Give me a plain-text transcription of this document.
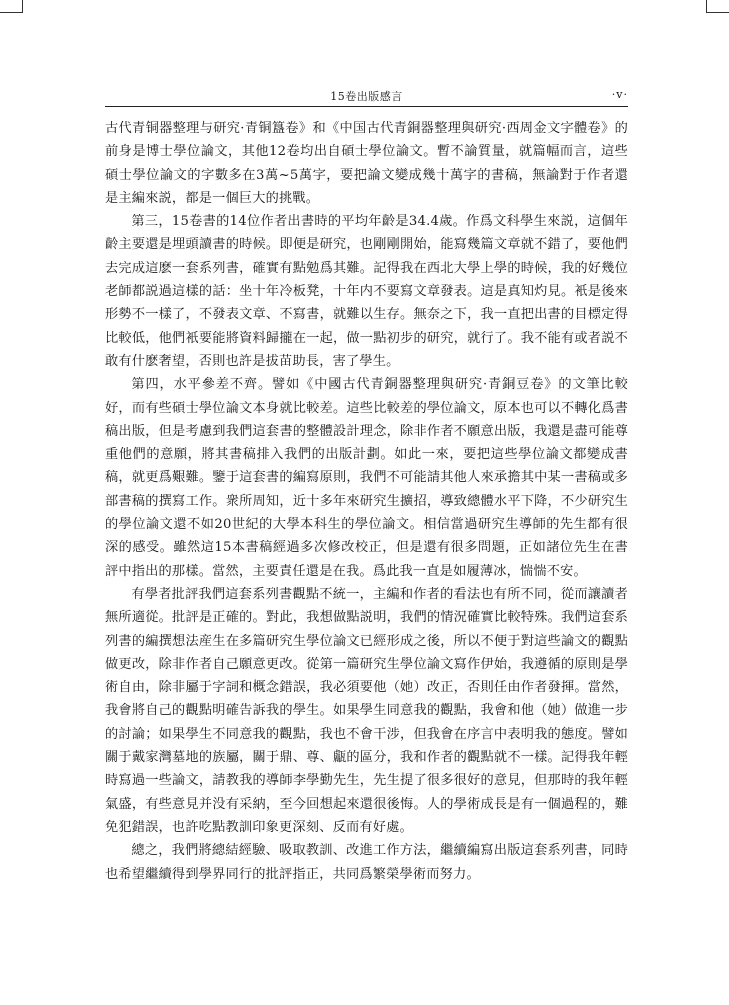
15卷出版感言	·v·

古代青铜器整理与研究·青铜簋卷》和《中国古代青銅器整理與研究·西周金文字體卷》的前身是博士學位論文，其他12卷均出自碩士學位論文。暫不論質量，就篇幅而言，這些碩士學位論文的字數多在3萬~5萬字，要把論文變成幾十萬字的書稿，無論對于作者還是主編來説，都是一個巨大的挑戰。

第三，15卷書的14位作者出書時的平均年齡是34.4歲。作爲文科學生來説，這個年齡主要還是埋頭讀書的時候。即便是研究，也剛剛開始，能寫幾篇文章就不錯了，要他們去完成這麽一套系列書，確實有點勉爲其難。記得我在西北大學上學的時候，我的好幾位老師都説過這樣的話：坐十年冷板凳，十年内不要寫文章發表。這是真知灼見。衹是後來形勢不一樣了，不發表文章、不寫書，就難以生存。無奈之下，我一直把出書的目標定得比較低，他們衹要能將資料歸攏在一起，做一點初步的研究，就行了。我不能有或者説不敢有什麽奢望，否則也許是拔苗助長，害了學生。

第四，水平參差不齊。譬如《中國古代青銅器整理與研究·青銅豆卷》的文筆比較好，而有些碩士學位論文本身就比較差。這些比較差的學位論文，原本也可以不轉化爲書稿出版，但是考慮到我們這套書的整體設計理念，除非作者不願意出版，我還是盡可能尊重他們的意願，將其書稿排入我們的出版計劃。如此一來，要把這些學位論文都變成書稿，就更爲艱難。鑒于這套書的編寫原則，我們不可能請其他人來承擔其中某一書稿或多部書稿的撰寫工作。衆所周知，近十多年來研究生擴招，導致總體水平下降，不少研究生的學位論文還不如20世紀的大學本科生的學位論文。相信當過研究生導師的先生都有很深的感受。雖然這15本書稿經過多次修改校正，但是還有很多問題，正如諸位先生在書評中指出的那樣。當然，主要責任還是在我。爲此我一直是如履薄冰，惴惴不安。

有學者批評我們這套系列書觀點不統一，主編和作者的看法也有所不同，從而讓讀者無所適從。批評是正確的。對此，我想做點説明，我們的情況確實比較特殊。我們這套系列書的編撰想法産生在多篇研究生學位論文已經形成之後，所以不便于對這些論文的觀點做更改，除非作者自己願意更改。從第一篇研究生學位論文寫作伊始，我遵循的原則是學術自由，除非屬于字詞和概念錯誤，我必須要他（她）改正，否則任由作者發揮。當然，我會將自己的觀點明確告訴我的學生。如果學生同意我的觀點，我會和他（她）做進一步的討論；如果學生不同意我的觀點，我也不會干涉，但我會在序言中表明我的態度。譬如關于戴家灣墓地的族屬，關于鼎、尊、甗的區分，我和作者的觀點就不一樣。記得我年輕時寫過一些論文，請教我的導師李學勤先生，先生提了很多很好的意見，但那時的我年輕氣盛，有些意見并没有采納，至今回想起來還很後悔。人的學術成長是有一個過程的，難免犯錯誤，也許吃點教訓印象更深刻、反而有好處。

總之，我們將總結經驗、吸取教訓、改進工作方法，繼續編寫出版這套系列書，同時也希望繼續得到學界同行的批評指正，共同爲繁榮學術而努力。
